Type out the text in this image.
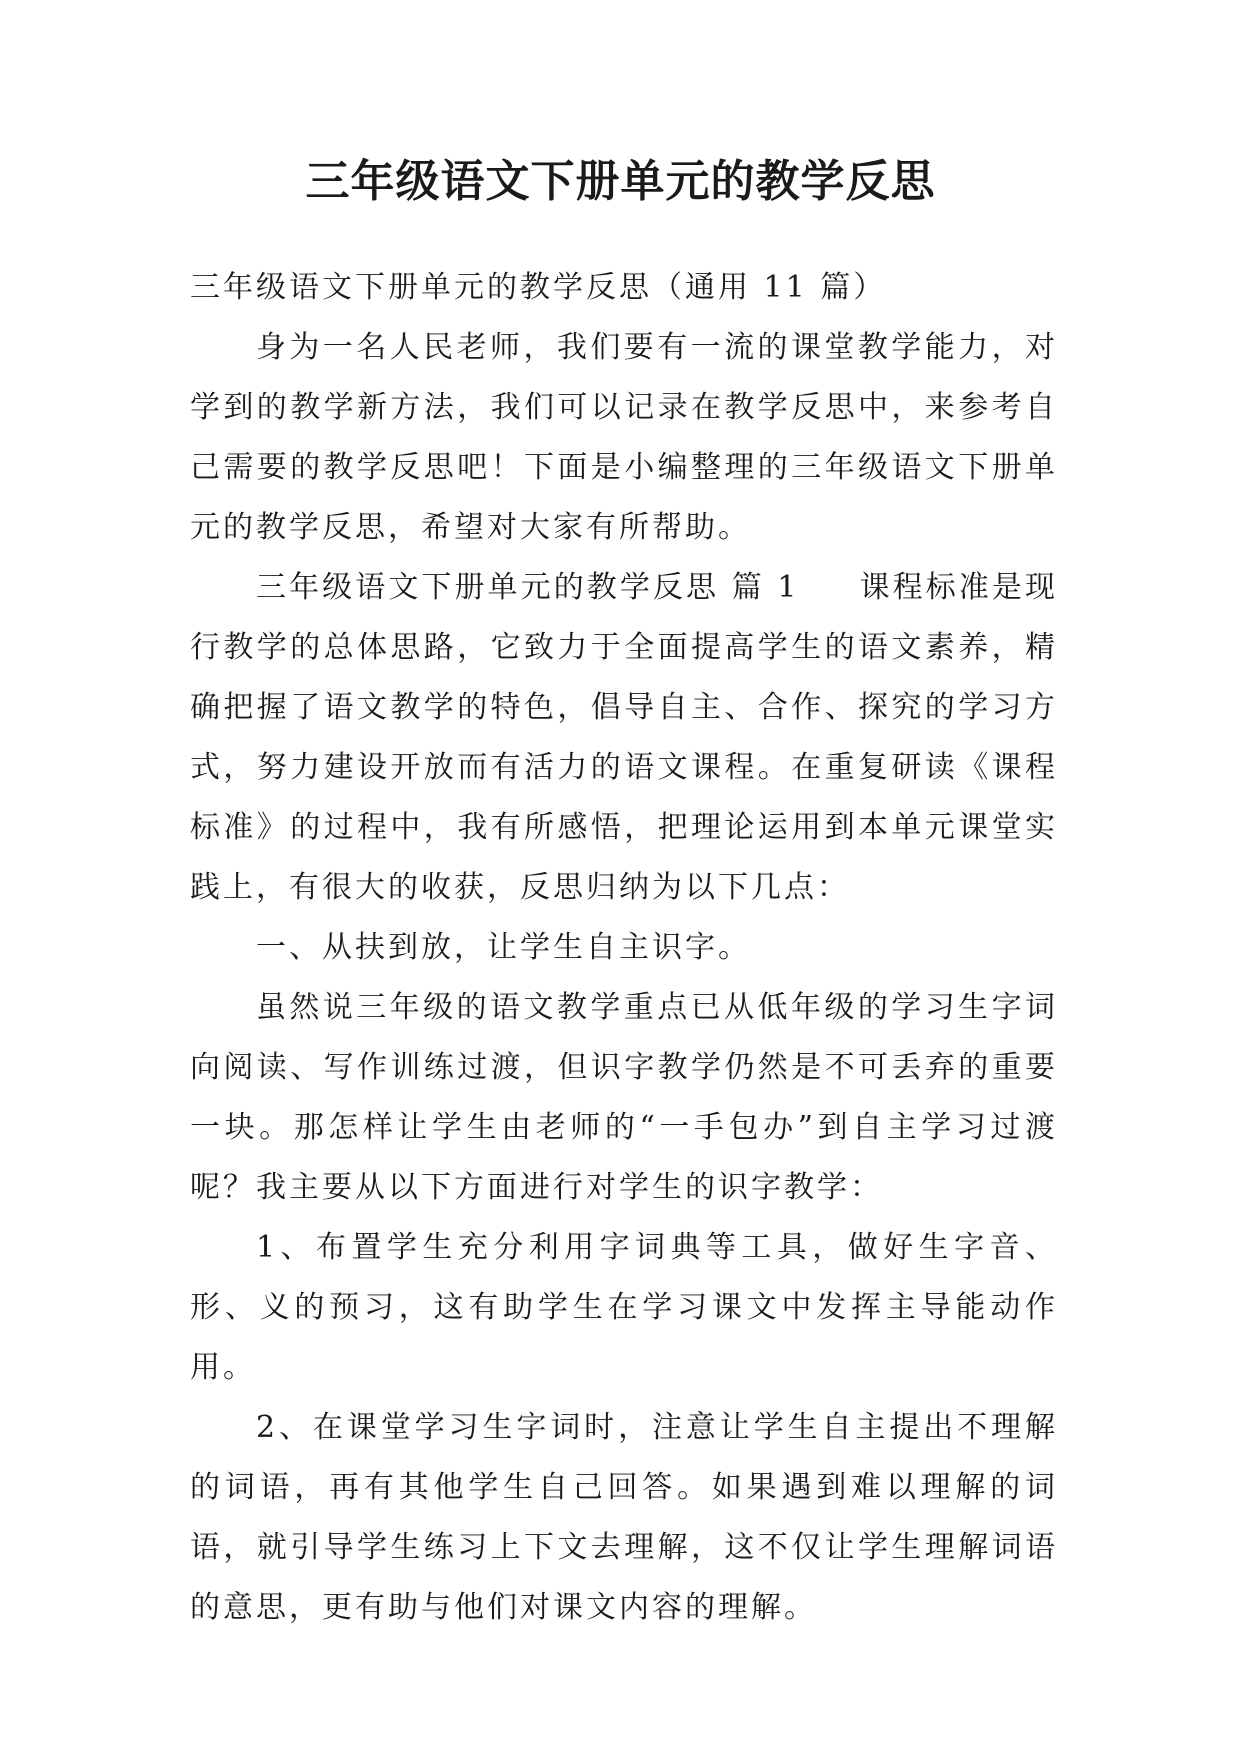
三年级语文下册单元的教学反思

三年级语文下册单元的教学反思（通用 11 篇）

身为一名人民老师，我们要有一流的课堂教学能力，对学到的教学新方法，我们可以记录在教学反思中，来参考自己需要的教学反思吧！下面是小编整理的三年级语文下册单元的教学反思，希望对大家有所帮助。

三年级语文下册单元的教学反思 篇 1 课程标准是现行教学的总体思路，它致力于全面提高学生的语文素养，精确把握了语文教学的特色，倡导自主、合作、探究的学习方式，努力建设开放而有活力的语文课程。在重复研读《课程标准》的过程中，我有所感悟，把理论运用到本单元课堂实践上，有很大的收获，反思归纳为以下几点：

一、从扶到放，让学生自主识字。

虽然说三年级的语文教学重点已从低年级的学习生字词向阅读、写作训练过渡，但识字教学仍然是不可丢弃的重要一块。那怎样让学生由老师的“一手包办”到自主学习过渡呢？我主要从以下方面进行对学生的识字教学：

1、布置学生充分利用字词典等工具，做好生字音、形、义的预习，这有助学生在学习课文中发挥主导能动作用。

2、在课堂学习生字词时，注意让学生自主提出不理解的词语，再有其他学生自己回答。如果遇到难以理解的词语，就引导学生练习上下文去理解，这不仅让学生理解词语的意思，更有助与他们对课文内容的理解。
